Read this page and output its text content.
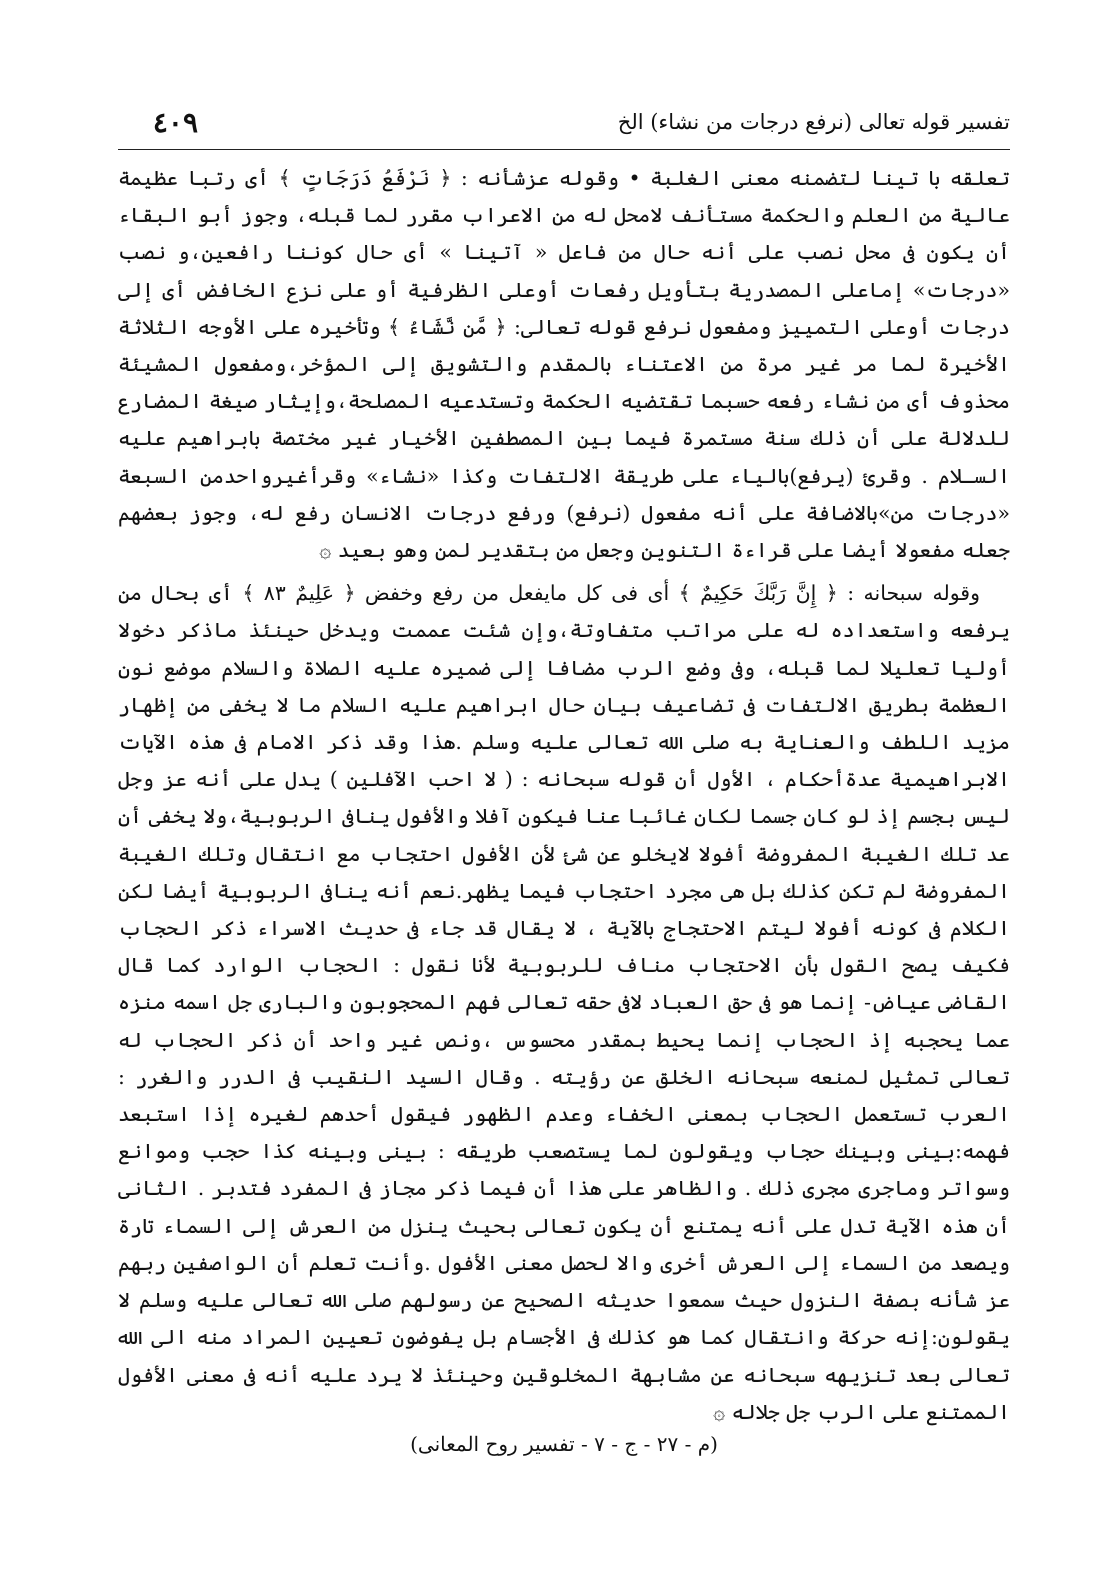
تفسير قوله تعالى (نرفع درجات من نشاء) الخ
٤٠٩

تعلقه با تينا لتضمنه معنى الغلبة • وقوله عزشأنه : ﴿ نَرْفَعُ دَرَجَاتٍ ﴾ أى رتبا عظيمة عالية من العلم والحكمة مستأنف لامحل له من الاعراب مقرر لما قبله، وجوز أبو البقاء أن يكون فى محل نصب على أنه حال من فاعل « آتينا » أى حال كوننا رافعين،و نصب «درجات» إماعلى المصدرية بتأويل رفعات أوعلى الظرفية أو على نزع الخافض أى إلى درجات أوعلى التمييز ومفعول نرفع قوله تعالى: ﴿ مَّن نَّشَاءُ ﴾ وتأخيره على الأوجه الثلاثة الأخيرة لما مر غير مرة من الاعتناء بالمقدم والتشويق إلى المؤخر،ومفعول المشيئة محذوف أى من نشاء رفعه حسبما تقتضيه الحكمة وتستدعيه المصلحة،وإيثار صيغة المضارع للدلالة على أن ذلك سنة مستمرة فيما بين المصطفين الأخيار غير مختصة بابراهيم عليه السـلام . وقرئ (يرفع)بالياء على طريقة الالتفات وكذا «نشاء» وقرأغيرواحدمن السبعة «درجات من»بالاضافة على أنه مفعول (نرفع) ورفع درجات الانسان رفع له، وجوز بعضهم جعله مفعولا أيضا على قراءة التنوين وجعل من بتقدير لمن وهو بعيد ۞

وقوله سبحانه : ﴿ إِنَّ رَبَّكَ حَكِيمٌ ﴾ أى فى كل مايفعل من رفع وخفض ﴿ عَلِيمٌ ٨٣ ﴾ أى بحال من يرفعه واستعداده له على مراتب متفاوتة،وإن شئت عممت ويدخل حينئذ ماذكر دخولا أوليا تعليلا لما قبله، وفى وضع الرب مضافا إلى ضميره عليه الصلاة والسلام موضع نون العظمة بطريق الالتفات فى تضاعيف بيان حال ابراهيم عليه السلام ما لا يخفى من إظهار مزيد اللطف والعناية به صلى الله تعالى عليه وسلم .هذا وقد ذكر الامام فى هذه الآيات الابراهيمية عدةأحكام ، الأول أن قوله سبحانه : ( لا احب الآفلين ) يدل على أنه عز وجل ليس بجسم إذ لو كان جسما لكان غائبا عنا فيكون آفلا والأفول ينافى الربوبية،ولا يخفى أن عد تلك الغيبة المفروضة أفولا لايخلو عن شئ لأن الأفول احتجاب مع انتقال وتلك الغيبة المفروضة لم تكن كذلك بل هى مجرد احتجاب فيما يظهر.نعم أنه ينافى الربوبية أيضا لكن الكلام فى كونه أفولا ليتم الاحتجاج بالآية ، لا يقال قد جاء فى حديث الاسراء ذكر الحجاب فكيف يصح القول بأن الاحتجاب مناف للربوبية لأنا نقول : الحجاب الوارد كما قال القاضى عياض- إنما هو فى حق العباد لافى حقه تعالى فهم المحجوبون والبارى جل اسمه منزه عما يحجبه إذ الحجاب إنما يحيط بمقدر محسوس ،ونص غير واحد أن ذكر الحجاب له تعالى تمثيل لمنعه سبحانه الخلق عن رؤيته . وقال السيد النقيب فى الدرر والغرر : العرب تستعمل الحجاب بمعنى الخفاء وعدم الظهور فيقول أحدهم لغيره إذا استبعد فهمه:بينى وبينك حجاب ويقولون لما يستصعب طريقه : بينى وبينه كذا حجب وموانع وسواتر وماجرى مجرى ذلك . والظاهر على هذا أن فيما ذكر مجاز فى المفرد فتدبر . الثانى أن هذه الآية تدل على أنه يمتنع أن يكون تعالى بحيث ينزل من العرش إلى السماء تارة ويصعد من السماء إلى العرش أخرى والا لحصل معنى الأفول .وأنت تعلم أن الواصفين ربهم عز شأنه بصفة النزول حيث سمعوا حديثه الصحيح عن رسولهم صلى الله تعالى عليه وسلم لا يقولون:إنه حركة وانتقال كما هو كذلك فى الأجسام بل يفوضون تعيين المراد منه الى الله تعالى بعد تنزيهه سبحانه عن مشابهة المخلوقين وحينئذ لا يرد عليه أنه فى معنى الأفول الممتنع على الرب جل جلاله ۞

(م - ٢٧ - ج - ٧ - تفسير روح المعانى)
